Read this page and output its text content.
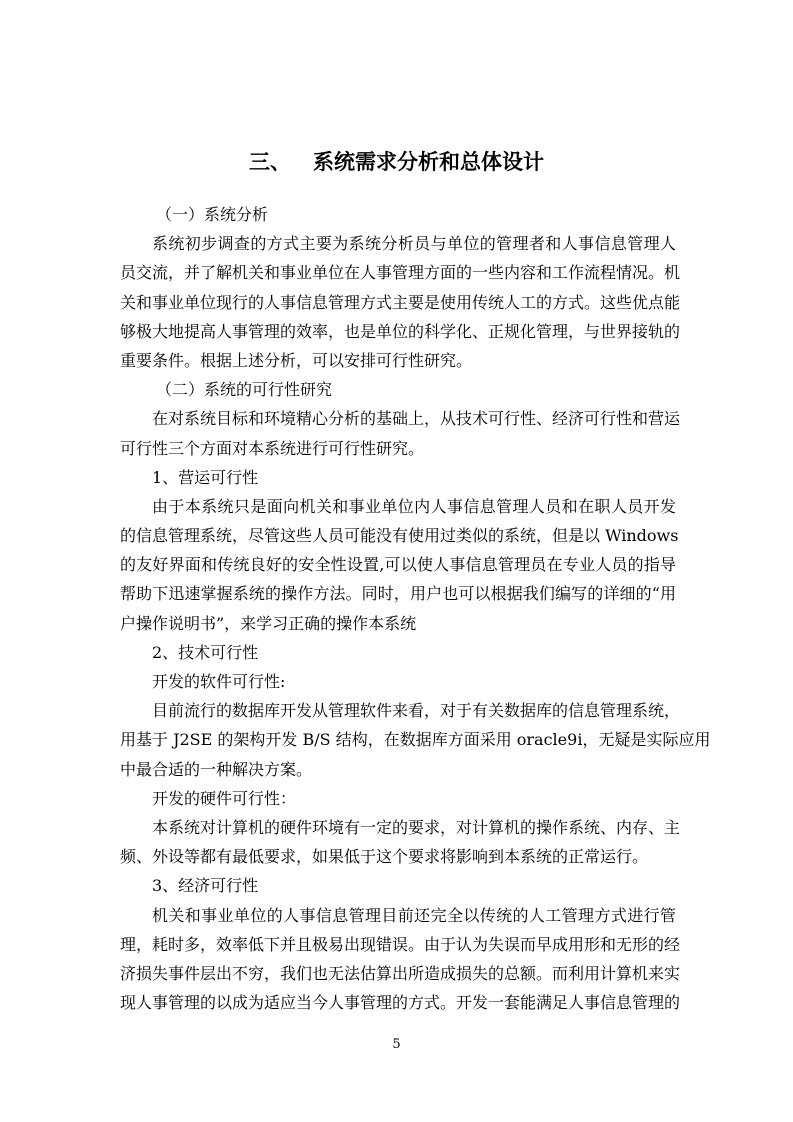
三、 系统需求分析和总体设计
（一）系统分析
系统初步调查的方式主要为系统分析员与单位的管理者和人事信息管理人
员交流，并了解机关和事业单位在人事管理方面的一些内容和工作流程情况。机
关和事业单位现行的人事信息管理方式主要是使用传统人工的方式。这些优点能
够极大地提高人事管理的效率，也是单位的科学化、正规化管理，与世界接轨的
重要条件。根据上述分析，可以安排可行性研究。
（二）系统的可行性研究
在对系统目标和环境精心分析的基础上，从技术可行性、经济可行性和营运
可行性三个方面对本系统进行可行性研究。
1、营运可行性
由于本系统只是面向机关和事业单位内人事信息管理人员和在职人员开发
的信息管理系统，尽管这些人员可能没有使用过类似的系统，但是以 Windows
的友好界面和传统良好的安全性设置,可以使人事信息管理员在专业人员的指导
帮助下迅速掌握系统的操作方法。同时，用户也可以根据我们编写的详细的“用
户操作说明书”，来学习正确的操作本系统
2、技术可行性
开发的软件可行性:
目前流行的数据库开发从管理软件来看，对于有关数据库的信息管理系统，
用基于 J2SE 的架构开发 B/S 结构，在数据库方面采用 oracle9i，无疑是实际应用
中最合适的一种解决方案。
开发的硬件可行性：
本系统对计算机的硬件环境有一定的要求，对计算机的操作系统、内存、主
频、外设等都有最低要求，如果低于这个要求将影响到本系统的正常运行。
3、经济可行性
机关和事业单位的人事信息管理目前还完全以传统的人工管理方式进行管
理，耗时多，效率低下并且极易出现错误。由于认为失误而早成用形和无形的经
济损失事件层出不穷，我们也无法估算出所造成损失的总额。而利用计算机来实
现人事管理的以成为适应当今人事管理的方式。开发一套能满足人事信息管理的
5
